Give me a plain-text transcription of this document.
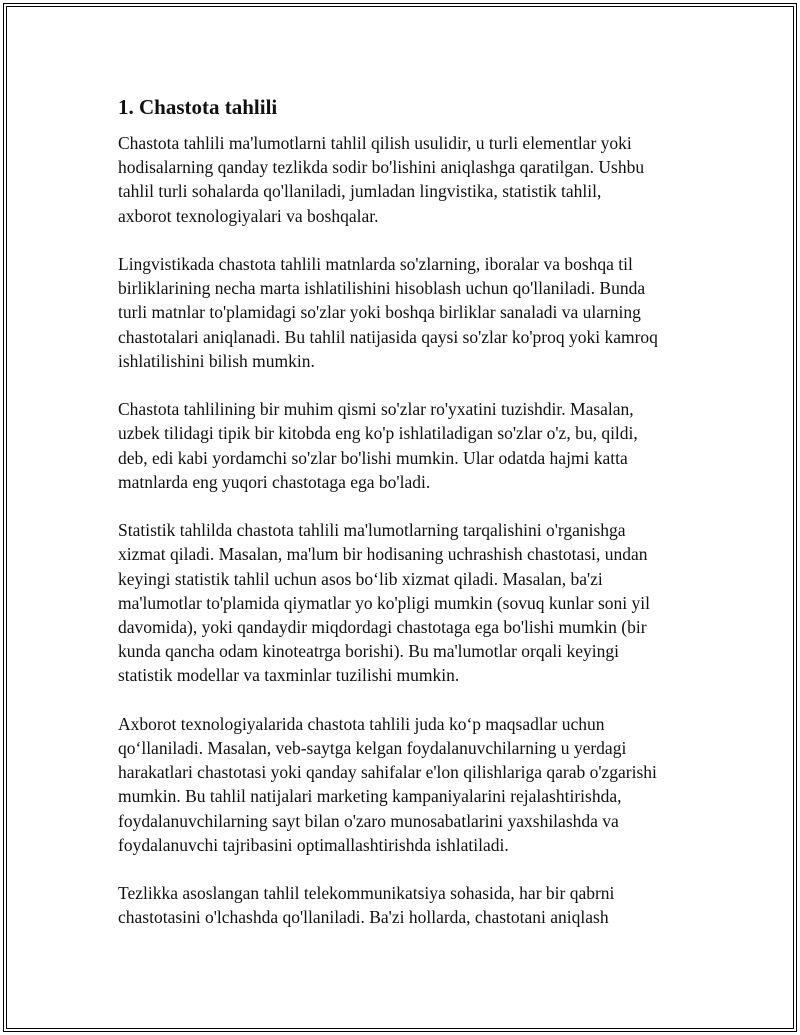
1. Chastota tahlili

Chastota tahlili ma'lumotlarni tahlil qilish usulidir, u turli elementlar yoki
hodisalarning qanday tezlikda sodir bo'lishini aniqlashga qaratilgan. Ushbu
tahlil turli sohalarda qo'llaniladi, jumladan lingvistika, statistik tahlil,
axborot texnologiyalari va boshqalar.

Lingvistikada chastota tahlili matnlarda so'zlarning, iboralar va boshqa til
birliklarining necha marta ishlatilishini hisoblash uchun qo'llaniladi. Bunda
turli matnlar to'plamidagi so'zlar yoki boshqa birliklar sanaladi va ularning
chastotalari aniqlanadi. Bu tahlil natijasida qaysi so'zlar ko'proq yoki kamroq
ishlatilishini bilish mumkin.

Chastota tahlilining bir muhim qismi so'zlar ro'yxatini tuzishdir. Masalan,
uzbek tilidagi tipik bir kitobda eng ko'p ishlatiladigan so'zlar o'z, bu, qildi,
deb, edi kabi yordamchi so'zlar bo'lishi mumkin. Ular odatda hajmi katta
matnlarda eng yuqori chastotaga ega bo'ladi.

Statistik tahlilda chastota tahlili ma'lumotlarning tarqalishini o'rganishga
xizmat qiladi. Masalan, ma'lum bir hodisaning uchrashish chastotasi, undan
keyingi statistik tahlil uchun asos bo‘lib xizmat qiladi. Masalan, ba'zi
ma'lumotlar to'plamida qiymatlar yo ko'pligi mumkin (sovuq kunlar soni yil
davomida), yoki qandaydir miqdordagi chastotaga ega bo'lishi mumkin (bir
kunda qancha odam kinoteatrga borishi). Bu ma'lumotlar orqali keyingi
statistik modellar va taxminlar tuzilishi mumkin.

Axborot texnologiyalarida chastota tahlili juda ko‘p maqsadlar uchun
qo‘llaniladi. Masalan, veb-saytga kelgan foydalanuvchilarning u yerdagi
harakatlari chastotasi yoki qanday sahifalar e'lon qilishlariga qarab o'zgarishi
mumkin. Bu tahlil natijalari marketing kampaniyalarini rejalashtirishda,
foydalanuvchilarning sayt bilan o'zaro munosabatlarini yaxshilashda va
foydalanuvchi tajribasini optimallashtirishda ishlatiladi.

Tezlikka asoslangan tahlil telekommunikatsiya sohasida, har bir qabrni
chastotasini o'lchashda qo'llaniladi. Ba'zi hollarda, chastotani aniqlash
